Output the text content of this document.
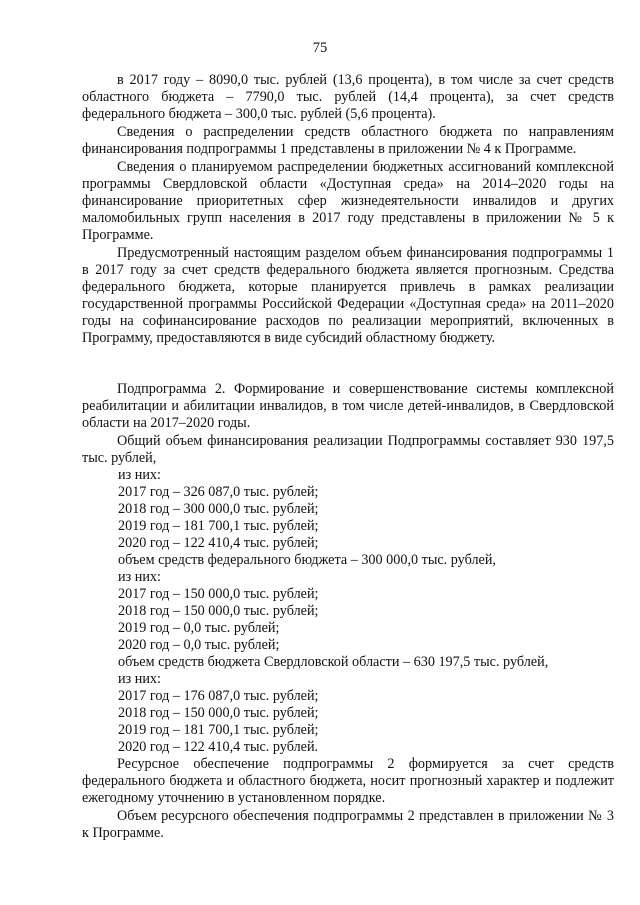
75

в 2017 году – 8090,0 тыс. рублей (13,6 процента), в том числе за счет средств областного бюджета – 7790,0 тыс. рублей (14,4 процента), за счет средств федерального бюджета – 300,0 тыс. рублей (5,6 процента).

Сведения о распределении средств областного бюджета по направлениям финансирования подпрограммы 1 представлены в приложении № 4 к Программе.

Сведения о планируемом распределении бюджетных ассигнований комплексной программы Свердловской области «Доступная среда» на 2014–2020 годы на финансирование приоритетных сфер жизнедеятельности инвалидов и других маломобильных групп населения в 2017 году представлены в приложении № 5 к Программе.

Предусмотренный настоящим разделом объем финансирования подпрограммы 1 в 2017 году за счет средств федерального бюджета является прогнозным. Средства федерального бюджета, которые планируется привлечь в рамках реализации государственной программы Российской Федерации «Доступная среда» на 2011–2020 годы на софинансирование расходов по реализации мероприятий, включенных в Программу, предоставляются в виде субсидий областному бюджету.

Подпрограмма 2. Формирование и совершенствование системы комплексной реабилитации и абилитации инвалидов, в том числе детей-инвалидов, в Свердловской области на 2017–2020 годы.

Общий объем финансирования реализации Подпрограммы составляет 930 197,5 тыс. рублей,

из них:

2017 год – 326 087,0 тыс. рублей;

2018 год – 300 000,0 тыс. рублей;

2019 год – 181 700,1 тыс. рублей;

2020 год – 122 410,4 тыс. рублей;

объем средств федерального бюджета – 300 000,0 тыс. рублей,

из них:

2017 год – 150 000,0 тыс. рублей;

2018 год – 150 000,0 тыс. рублей;

2019 год – 0,0 тыс. рублей;

2020 год – 0,0 тыс. рублей;

объем средств бюджета Свердловской области – 630 197,5 тыс. рублей,

из них:

2017 год – 176 087,0 тыс. рублей;

2018 год – 150 000,0 тыс. рублей;

2019 год – 181 700,1 тыс. рублей;

2020 год – 122 410,4 тыс. рублей.

Ресурсное обеспечение подпрограммы 2 формируется за счет средств федерального бюджета и областного бюджета, носит прогнозный характер и подлежит ежегодному уточнению в установленном порядке.

Объем ресурсного обеспечения подпрограммы 2 представлен в приложении № 3 к Программе.
